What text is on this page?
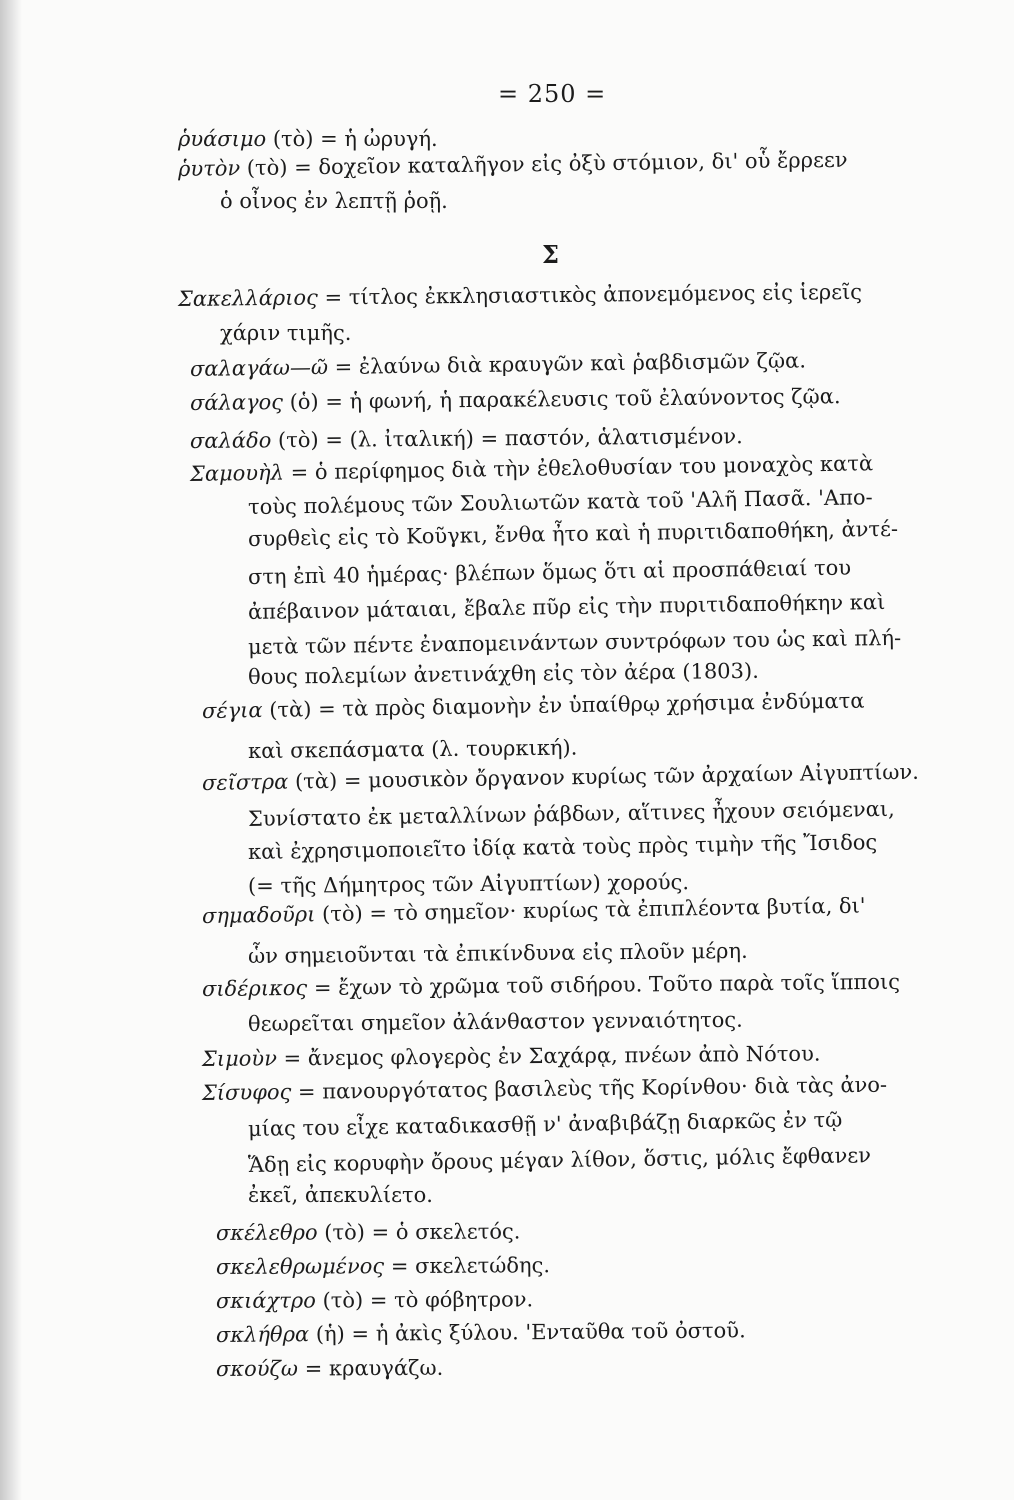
= 250 =
Σ
ῥυάσιμο (τὸ) = ἡ ὠρυγή.
ῥυτὸν (τὸ) = δοχεῖον καταλῆγον εἰς ὀξὺ στόμιον, δι' οὗ ἔρρεεν
ὁ οἶνος ἐν λεπτῇ ῥοῇ.
Σακελλάριος = τίτλος ἐκκλησιαστικὸς ἀπονεμόμενος εἰς ἱερεῖς
χάριν τιμῆς.
σαλαγάω—ῶ = ἐλαύνω διὰ κραυγῶν καὶ ῥαβδισμῶν ζῷα.
σάλαγος (ὁ) = ἡ φωνή, ἡ παρακέλευσις τοῦ ἐλαύνοντος ζῷα.
σαλάδο (τὸ) = (λ. ἰταλική) = παστόν, ἁλατισμένον.
Σαμουὴλ = ὁ περίφημος διὰ τὴν ἐθελοθυσίαν του μοναχὸς κατὰ
τοὺς πολέμους τῶν Σουλιωτῶν κατὰ τοῦ 'Αλῆ Πασᾶ. 'Απο-
συρθεὶς εἰς τὸ Κοῦγκι, ἔνθα ἦτο καὶ ἡ πυριτιδαποθήκη, ἀντέ-
στη ἐπὶ 40 ἡμέρας· βλέπων ὅμως ὅτι αἱ προσπάθειαί του
ἀπέβαινον μάταιαι, ἔβαλε πῦρ εἰς τὴν πυριτιδαποθήκην καὶ
μετὰ τῶν πέντε ἐναπομεινάντων συντρόφων του ὡς καὶ πλή-
θους πολεμίων ἀνετινάχθη εἰς τὸν ἀέρα (1803).
σέγια (τὰ) = τὰ πρὸς διαμονὴν ἐν ὑπαίθρῳ χρήσιμα ἐνδύματα
καὶ σκεπάσματα (λ. τουρκική).
σεῖστρα (τὰ) = μουσικὸν ὄργανον κυρίως τῶν ἀρχαίων Αἰγυπτίων.
Συνίστατο ἐκ μεταλλίνων ῥάβδων, αἵτινες ἦχουν σειόμεναι,
καὶ ἐχρησιμοποιεῖτο ἰδίᾳ κατὰ τοὺς πρὸς τιμὴν τῆς Ἴσιδος
(= τῆς Δήμητρος τῶν Αἰγυπτίων) χορούς.
σημαδοῦρι (τὸ) = τὸ σημεῖον· κυρίως τὰ ἐπιπλέοντα βυτία, δι'
ὧν σημειοῦνται τὰ ἐπικίνδυνα εἰς πλοῦν μέρη.
σιδέρικος = ἔχων τὸ χρῶμα τοῦ σιδήρου. Τοῦτο παρὰ τοῖς ἵπποις
θεωρεῖται σημεῖον ἀλάνθαστον γενναιότητος.
Σιμοὺν = ἄνεμος φλογερὸς ἐν Σαχάρᾳ, πνέων ἀπὸ Νότου.
Σίσυφος = πανουργότατος βασιλεὺς τῆς Κορίνθου· διὰ τὰς ἀνο-
μίας του εἶχε καταδικασθῇ ν' ἀναβιβάζῃ διαρκῶς ἐν τῷ
Ἅδῃ εἰς κορυφὴν ὄρους μέγαν λίθον, ὅστις, μόλις ἔφθανεν
ἐκεῖ, ἀπεκυλίετο.
σκέλεθρο (τὸ) = ὁ σκελετός.
σκελεθρωμένος = σκελετώδης.
σκιάχτρο (τὸ) = τὸ φόβητρον.
σκλήθρα (ἡ) = ἡ ἀκὶς ξύλου. 'Ενταῦθα τοῦ ὀστοῦ.
σκούζω = κραυγάζω.
